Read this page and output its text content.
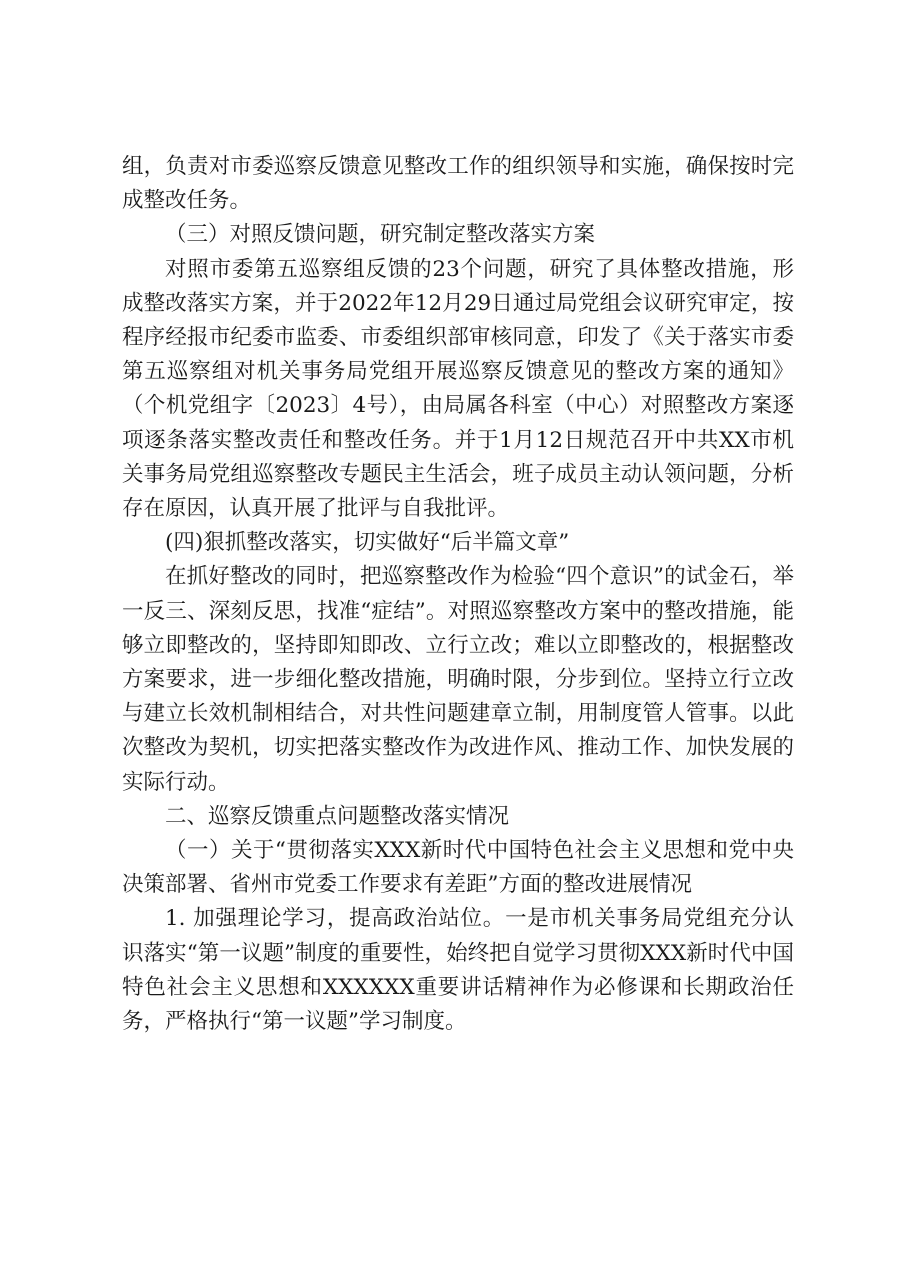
组，负责对市委巡察反馈意见整改工作的组织领导和实施，确保按时完成整改任务。

（三）对照反馈问题，研究制定整改落实方案

对照市委第五巡察组反馈的23个问题，研究了具体整改措施，形成整改落实方案，并于2022年12月29日通过局党组会议研究审定，按程序经报市纪委市监委、市委组织部审核同意，印发了《关于落实市委第五巡察组对机关事务局党组开展巡察反馈意见的整改方案的通知》（个机党组字〔2023〕4号），由局属各科室（中心）对照整改方案逐项逐条落实整改责任和整改任务。并于1月12日规范召开中共XX市机关事务局党组巡察整改专题民主生活会，班子成员主动认领问题，分析存在原因，认真开展了批评与自我批评。

(四)狠抓整改落实，切实做好“后半篇文章”

在抓好整改的同时，把巡察整改作为检验“四个意识”的试金石，举一反三、深刻反思，找准“症结”。对照巡察整改方案中的整改措施，能够立即整改的，坚持即知即改、立行立改；难以立即整改的，根据整改方案要求，进一步细化整改措施，明确时限，分步到位。坚持立行立改与建立长效机制相结合，对共性问题建章立制，用制度管人管事。以此次整改为契机，切实把落实整改作为改进作风、推动工作、加快发展的实际行动。

二、巡察反馈重点问题整改落实情况

（一）关于“贯彻落实XXX新时代中国特色社会主义思想和党中央决策部署、省州市党委工作要求有差距”方面的整改进展情况

1. 加强理论学习，提高政治站位。一是市机关事务局党组充分认识落实“第一议题”制度的重要性，始终把自觉学习贯彻XXX新时代中国特色社会主义思想和XXXXXX重要讲话精神作为必修课和长期政治任务，严格执行“第一议题”学习制度。
